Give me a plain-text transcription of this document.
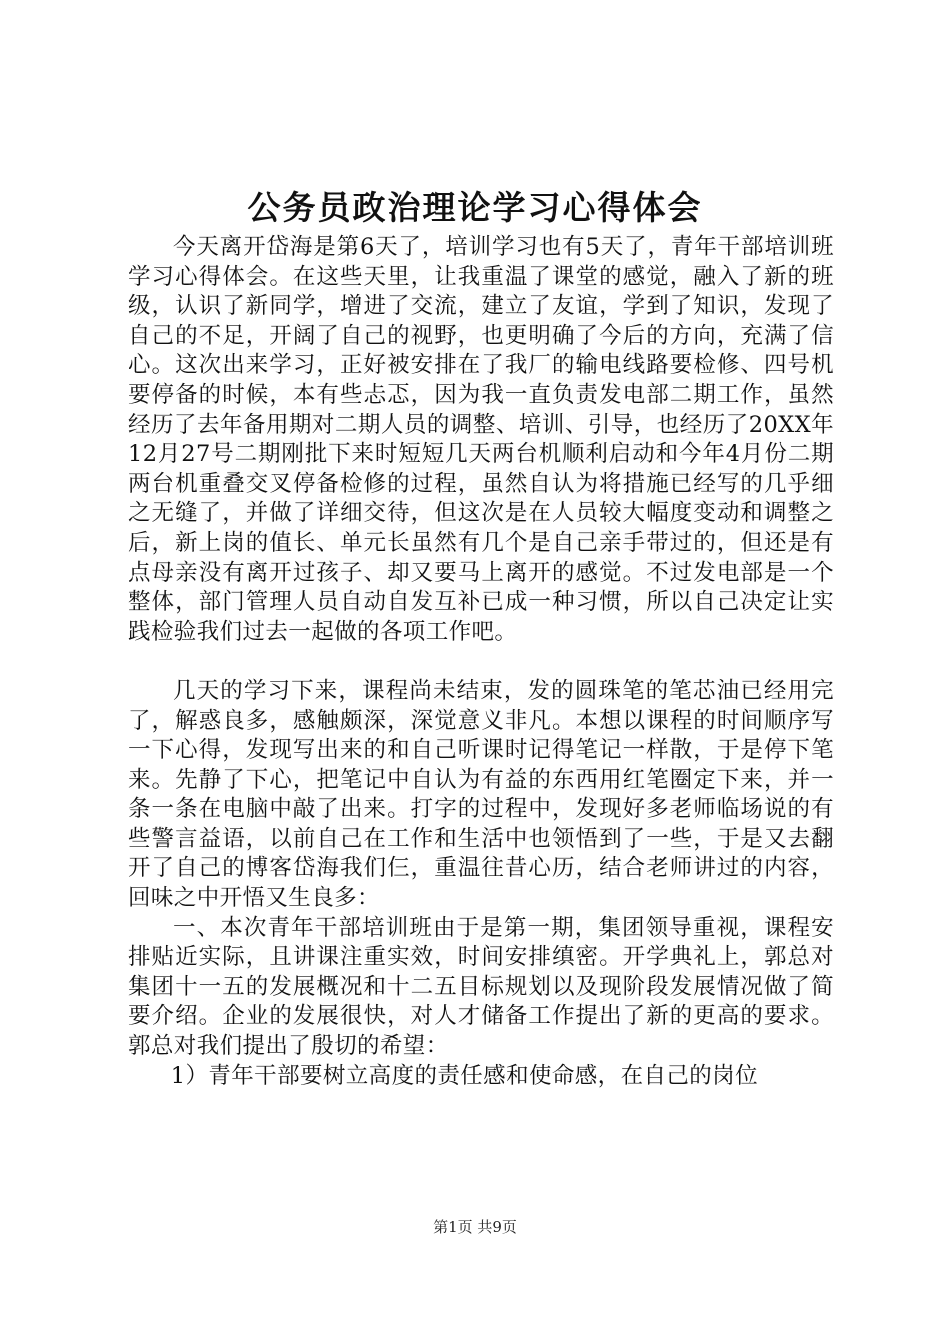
公务员政治理论学习心得体会

今天离开岱海是第6天了，培训学习也有5天了，青年干部培训班学习心得体会。在这些天里，让我重温了课堂的感觉，融入了新的班级，认识了新同学，增进了交流，建立了友谊，学到了知识，发现了自己的不足，开阔了自己的视野，也更明确了今后的方向，充满了信心。这次出来学习，正好被安排在了我厂的输电线路要检修、四号机要停备的时候，本有些忐忑，因为我一直负责发电部二期工作，虽然经历了去年备用期对二期人员的调整、培训、引导，也经历了20XX年12月27号二期刚批下来时短短几天两台机顺利启动和今年4月份二期两台机重叠交叉停备检修的过程，虽然自认为将措施已经写的几乎细之无缝了，并做了详细交待，但这次是在人员较大幅度变动和调整之后，新上岗的值长、单元长虽然有几个是自己亲手带过的，但还是有点母亲没有离开过孩子、却又要马上离开的感觉。不过发电部是一个整体，部门管理人员自动自发互补已成一种习惯，所以自己决定让实践检验我们过去一起做的各项工作吧。

几天的学习下来，课程尚未结束，发的圆珠笔的笔芯油已经用完了，解惑良多，感触颇深，深觉意义非凡。本想以课程的时间顺序写一下心得，发现写出来的和自己听课时记得笔记一样散，于是停下笔来。先静了下心，把笔记中自认为有益的东西用红笔圈定下来，并一条一条在电脑中敲了出来。打字的过程中，发现好多老师临场说的有些警言益语，以前自己在工作和生活中也领悟到了一些，于是又去翻开了自己的博客岱海我们仨，重温往昔心历，结合老师讲过的内容，回味之中开悟又生良多：

一、本次青年干部培训班由于是第一期，集团领导重视，课程安排贴近实际，且讲课注重实效，时间安排缜密。开学典礼上，郭总对集团十一五的发展概况和十二五目标规划以及现阶段发展情况做了简要介绍。企业的发展很快，对人才储备工作提出了新的更高的要求。郭总对我们提出了殷切的希望：

1）青年干部要树立高度的责任感和使命感，在自己的岗位

第1页 共9页
